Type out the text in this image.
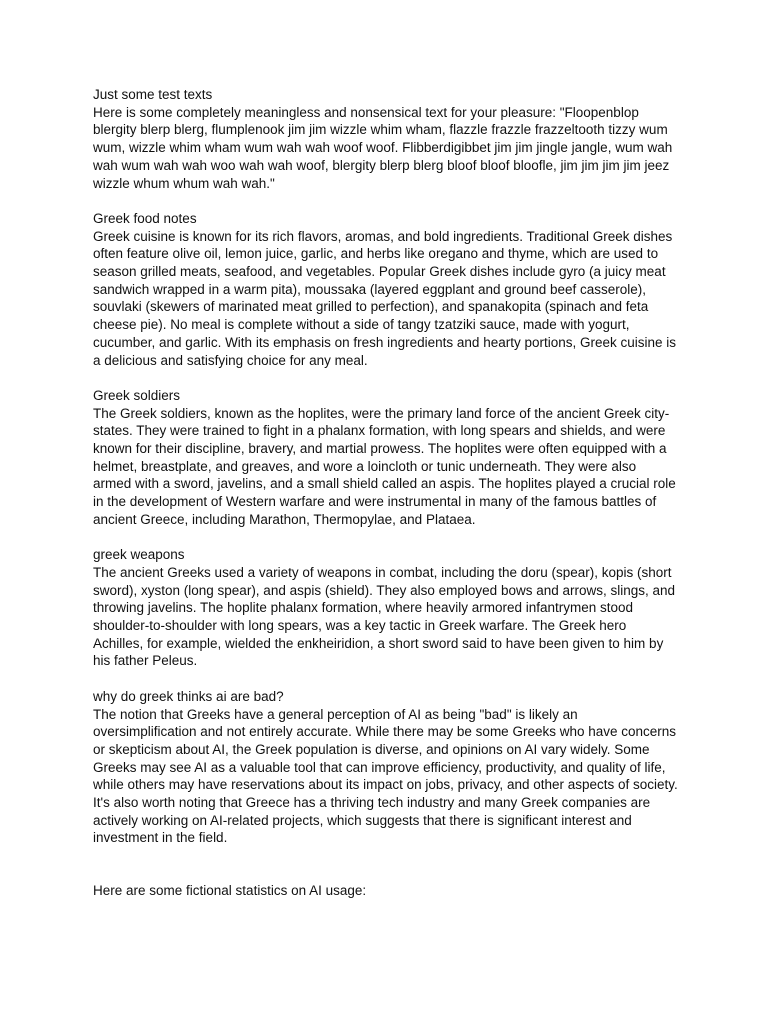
Just some test texts

Here is some completely meaningless and nonsensical text for your pleasure: "Floopenblop blergity blerp blerg, flumplenook jim jim wizzle whim wham, flazzle frazzle frazzeltooth tizzy wum wum, wizzle whim wham wum wah wah woof woof. Flibberdigibbet jim jim jingle jangle, wum wah wah wum wah wah woo wah wah woof, blergity blerp blerg bloof bloof bloofle, jim jim jim jim jeez wizzle whum whum wah wah."

Greek food notes

Greek cuisine is known for its rich flavors, aromas, and bold ingredients. Traditional Greek dishes often feature olive oil, lemon juice, garlic, and herbs like oregano and thyme, which are used to season grilled meats, seafood, and vegetables. Popular Greek dishes include gyro (a juicy meat sandwich wrapped in a warm pita), moussaka (layered eggplant and ground beef casserole), souvlaki (skewers of marinated meat grilled to perfection), and spanakopita (spinach and feta cheese pie). No meal is complete without a side of tangy tzatziki sauce, made with yogurt, cucumber, and garlic. With its emphasis on fresh ingredients and hearty portions, Greek cuisine is a delicious and satisfying choice for any meal.

Greek soldiers

The Greek soldiers, known as the hoplites, were the primary land force of the ancient Greek city-states. They were trained to fight in a phalanx formation, with long spears and shields, and were known for their discipline, bravery, and martial prowess. The hoplites were often equipped with a helmet, breastplate, and greaves, and wore a loincloth or tunic underneath. They were also armed with a sword, javelins, and a small shield called an aspis. The hoplites played a crucial role in the development of Western warfare and were instrumental in many of the famous battles of ancient Greece, including Marathon, Thermopylae, and Plataea.

greek weapons

The ancient Greeks used a variety of weapons in combat, including the doru (spear), kopis (short sword), xyston (long spear), and aspis (shield). They also employed bows and arrows, slings, and throwing javelins. The hoplite phalanx formation, where heavily armored infantrymen stood shoulder-to-shoulder with long spears, was a key tactic in Greek warfare. The Greek hero Achilles, for example, wielded the enkheiridion, a short sword said to have been given to him by his father Peleus.

why do greek thinks ai are bad?

The notion that Greeks have a general perception of AI as being "bad" is likely an oversimplification and not entirely accurate. While there may be some Greeks who have concerns or skepticism about AI, the Greek population is diverse, and opinions on AI vary widely. Some Greeks may see AI as a valuable tool that can improve efficiency, productivity, and quality of life, while others may have reservations about its impact on jobs, privacy, and other aspects of society. It's also worth noting that Greece has a thriving tech industry and many Greek companies are actively working on AI-related projects, which suggests that there is significant interest and investment in the field.

Here are some fictional statistics on AI usage:
